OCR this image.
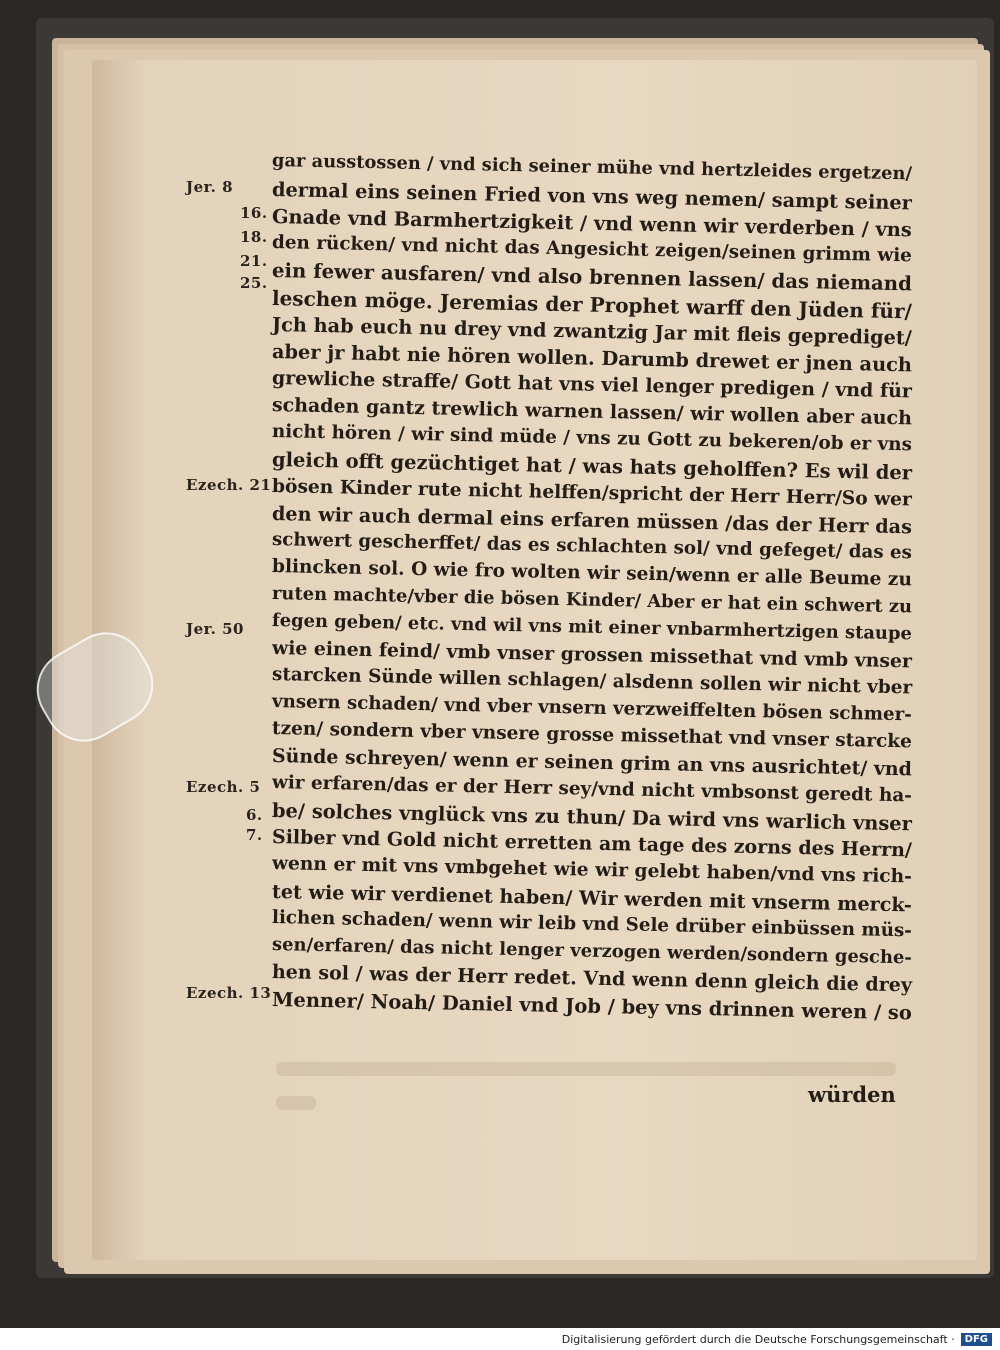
Jer. 8
16.
18.
21.
25.
Ezech. 21
Jer. 50
Ezech. 5
6.
7.
Ezech. 13
gar ausstossen / vnd sich seiner mühe vnd hertzleides ergetzen/
dermal eins seinen Fried von vns weg nemen/ sampt seiner
Gnade vnd Barmhertzigkeit / vnd wenn wir verderben / vns
den rücken/ vnd nicht das Angesicht zeigen/seinen grimm wie
ein fewer ausfaren/ vnd also brennen lassen/ das niemand
leschen möge. Jeremias der Prophet warff den Jüden für/
Jch hab euch nu drey vnd zwantzig Jar mit fleis geprediget/
aber jr habt nie hören wollen. Darumb drewet er jnen auch
grewliche straffe/ Gott hat vns viel lenger predigen / vnd für
schaden gantz trewlich warnen lassen/ wir wollen aber auch
nicht hören / wir sind müde / vns zu Gott zu bekeren/ob er vns
gleich offt gezüchtiget hat / was hats geholffen? Es wil der
bösen Kinder rute nicht helffen/spricht der Herr Herr/So wer
den wir auch dermal eins erfaren müssen /das der Herr das
schwert gescherffet/ das es schlachten sol/ vnd gefeget/ das es
blincken sol. O wie fro wolten wir sein/wenn er alle Beume zu
ruten machte/vber die bösen Kinder/ Aber er hat ein schwert zu
fegen geben/ etc. vnd wil vns mit einer vnbarmhertzigen staupe
wie einen feind/ vmb vnser grossen missethat vnd vmb vnser
starcken Sünde willen schlagen/ alsdenn sollen wir nicht vber
vnsern schaden/ vnd vber vnsern verzweiffelten bösen schmer-
tzen/ sondern vber vnsere grosse missethat vnd vnser starcke
Sünde schreyen/ wenn er seinen grim an vns ausrichtet/ vnd
wir erfaren/das er der Herr sey/vnd nicht vmbsonst geredt ha-
be/ solches vnglück vns zu thun/ Da wird vns warlich vnser
Silber vnd Gold nicht erretten am tage des zorns des Herrn/
wenn er mit vns vmbgehet wie wir gelebt haben/vnd vns rich-
tet wie wir verdienet haben/ Wir werden mit vnserm merck-
lichen schaden/ wenn wir leib vnd Sele drüber einbüssen müs-
sen/erfaren/ das nicht lenger verzogen werden/sondern gesche-
hen sol / was der Herr redet. Vnd wenn denn gleich die drey
Menner/ Noah/ Daniel vnd Job / bey vns drinnen weren / so
würden
Digitalisierung gefördert durch die Deutsche Forschungsgemeinschaft ·	DFG
